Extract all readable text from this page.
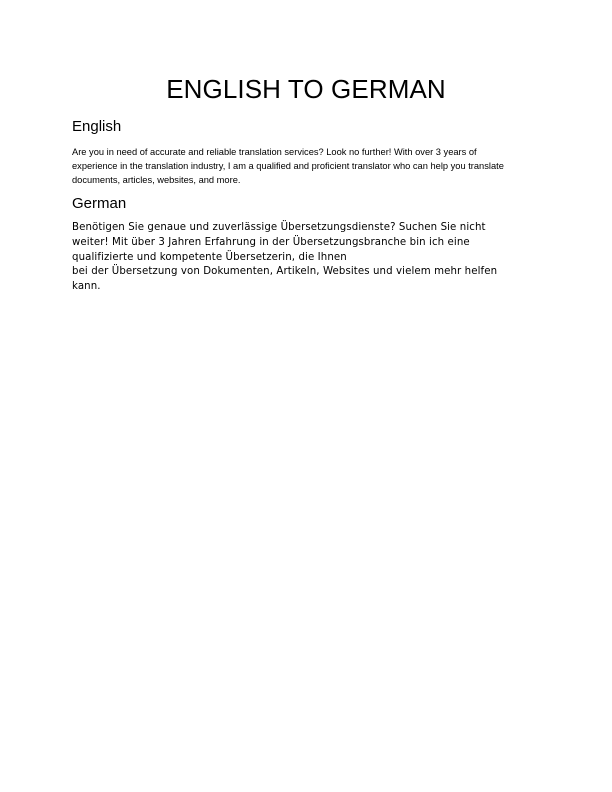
ENGLISH TO GERMAN
English

Are you in need of accurate and reliable translation services? Look no further! With over 3 years of experience in the translation industry, I am a qualified and proficient translator who can help you translate documents, articles, websites, and more.

German

Benötigen Sie genaue und zuverlässige Übersetzungsdienste? Suchen Sie nicht
weiter! Mit über 3 Jahren Erfahrung in der Übersetzungsbranche bin ich eine
qualifizierte und kompetente Übersetzerin, die Ihnen
bei der Übersetzung von Dokumenten, Artikeln, Websites und vielem mehr helfen
kann.
